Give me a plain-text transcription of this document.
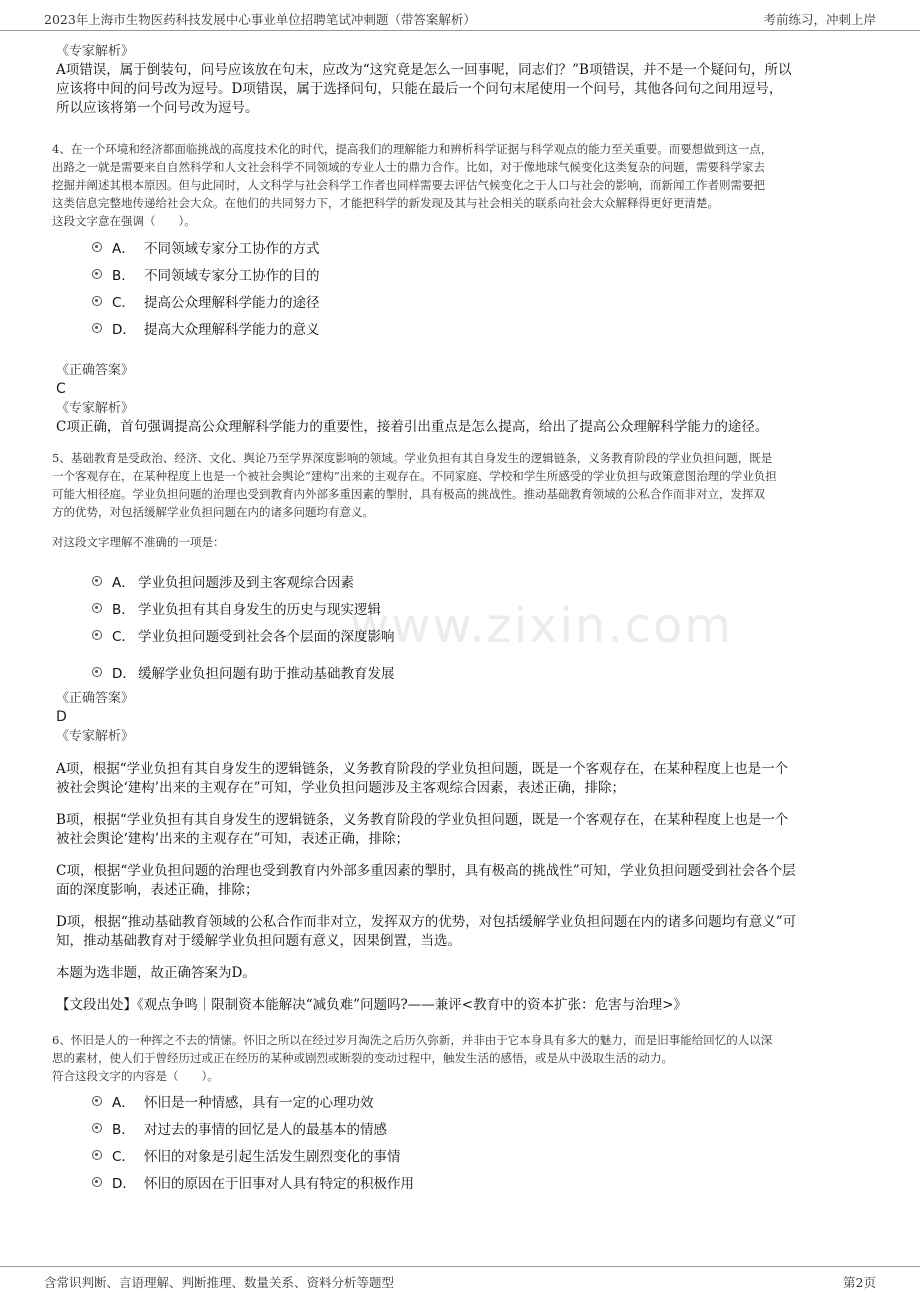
2023年上海市生物医药科技发展中心事业单位招聘笔试冲刺题（带答案解析）	考前练习，冲刺上岸
www.zixin.com

《专家解析》

A项错误，属于倒装句，问号应该放在句末，应改为“这究竟是怎么一回事呢，同志们？”B项错误，并不是一个疑问句，所以

应该将中间的问号改为逗号。D项错误，属于选择问句，只能在最后一个问句末尾使用一个问号，其他各问句之间用逗号，

所以应该将第一个问号改为逗号。

4、在一个环境和经济都面临挑战的高度技术化的时代，提高我们的理解能力和辨析科学证据与科学观点的能力至关重要。而要想做到这一点，

出路之一就是需要来自自然科学和人文社会科学不同领域的专业人士的鼎力合作。比如，对于像地球气候变化这类复杂的问题，需要科学家去

挖掘并阐述其根本原因。但与此同时，人文科学与社会科学工作者也同样需要去评估气候变化之于人口与社会的影响，而新闻工作者则需要把

这类信息完整地传递给社会大众。在他们的共同努力下，才能把科学的新发现及其与社会相关的联系向社会大众解释得更好更清楚。

这段文字意在强调（　　）。

A． 不同领域专家分工协作的方式
B． 不同领域专家分工协作的目的
C． 提高公众理解科学能力的途径
D． 提高大众理解科学能力的意义

《正确答案》

C

《专家解析》

C项正确，首句强调提高公众理解科学能力的重要性，接着引出重点是怎么提高，给出了提高公众理解科学能力的途径。

5、基础教育是受政治、经济、文化、舆论乃至学界深度影响的领域。学业负担有其自身发生的逻辑链条，义务教育阶段的学业负担问题，既是

一个客观存在，在某种程度上也是一个被社会舆论“建构”出来的主观存在。不同家庭、学校和学生所感受的学业负担与政策意图治理的学业负担

可能大相径庭。学业负担问题的治理也受到教育内外部多重因素的掣肘，具有极高的挑战性。推动基础教育领域的公私合作而非对立，发挥双

方的优势，对包括缓解学业负担问题在内的诸多问题均有意义。

对这段文字理解不准确的一项是：

A． 学业负担问题涉及到主客观综合因素
B． 学业负担有其自身发生的历史与现实逻辑
C． 学业负担问题受到社会各个层面的深度影响
D． 缓解学业负担问题有助于推动基础教育发展

《正确答案》

D

《专家解析》

A项，根据“学业负担有其自身发生的逻辑链条，义务教育阶段的学业负担问题，既是一个客观存在，在某种程度上也是一个

被社会舆论‘建构’出来的主观存在”可知，学业负担问题涉及主客观综合因素，表述正确，排除；

B项，根据“学业负担有其自身发生的逻辑链条，义务教育阶段的学业负担问题，既是一个客观存在，在某种程度上也是一个

被社会舆论‘建构’出来的主观存在”可知，表述正确，排除；

C项，根据“学业负担问题的治理也受到教育内外部多重因素的掣肘，具有极高的挑战性”可知，学业负担问题受到社会各个层

面的深度影响，表述正确，排除；

D项，根据“推动基础教育领域的公私合作而非对立，发挥双方的优势，对包括缓解学业负担问题在内的诸多问题均有意义”可

知，推动基础教育对于缓解学业负担问题有意义，因果倒置，当选。

本题为选非题，故正确答案为D。

【文段出处】《观点争鸣｜限制资本能解决“减负难”问题吗?——兼评<教育中的资本扩张：危害与治理>》

6、怀旧是人的一种挥之不去的情愫。怀旧之所以在经过岁月淘洗之后历久弥新，并非由于它本身具有多大的魅力，而是旧事能给回忆的人以深

思的素材，使人们于曾经历过或正在经历的某种或剧烈或断裂的变动过程中，触发生活的感悟，或是从中汲取生活的动力。

符合这段文字的内容是（　　）。

A． 怀旧是一种情感，具有一定的心理功效
B． 对过去的事情的回忆是人的最基本的情感
C． 怀旧的对象是引起生活发生剧烈变化的事情
D． 怀旧的原因在于旧事对人具有特定的积极作用
含常识判断、言语理解、判断推理、数量关系、资料分析等题型	第2页
